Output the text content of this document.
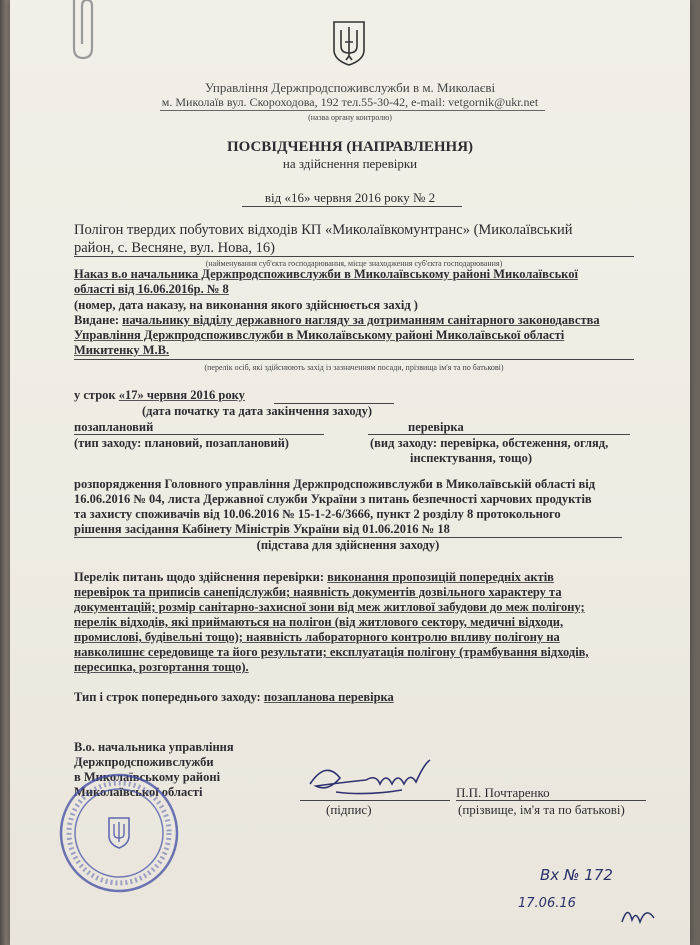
Управління Держпродспоживслужби в м. Миколаєві
м. Миколаїв вул. Скороходова, 192 тел.55-30-42, e-mail: vetgornik@ukr.net
(назва органу контролю)
ПОСВІДЧЕННЯ (НАПРАВЛЕННЯ)
на здійснення перевірки
від «16» червня 2016 року № 2
Полігон твердих побутових відходів КП «Миколаївкомунтранс» (Миколаївський
район, с. Весняне, вул. Нова, 16)
(найменування суб'єкта господарювання, місце знаходження суб'єкта господарювання)
Наказ в.о начальника Держпродспоживслужби в Миколаївському районі Миколаївської
області від 16.06.2016р. № 8
(номер, дата наказу, на виконання якого здійснюється захід )
Видане: начальнику відділу державного нагляду за дотриманням санітарного законодавства
Управління Держпродспоживслужби в Миколаївському районі Миколаївської області
Микитенку М.В.
(перелік осіб, які здійснюють захід із зазначенням посади, прізвища ім'я та по батькові)
у строк «17» червня 2016 року
(дата початку та дата закінчення заходу)
позаплановий
(тип заходу: плановий, позаплановий)
перевірка
(вид заходу: перевірка, обстеження, огляд,
інспектування, тощо)
розпорядження Головного управління Держпродспоживслужби в Миколаївській області від
16.06.2016 № 04, листа Державної служби України з питань безпечності харчових продуктів
та захисту споживачів від 10.06.2016 № 15-1-2-6/3666, пункт 2 розділу 8 протокольного
рішення засідання Кабінету Міністрів України від 01.06.2016 № 18
(підстава для здійснення заходу)
Перелік питань щодо здійснення перевірки: виконання пропозицій попередніх актів
перевірок та приписів санепідслужби; наявність документів дозвільного характеру та
документацій; розмір санітарно-захисної зони від меж житлової забудови до меж полігону;
перелік відходів, які приймаються на полігон (від житлового сектору, медичні відходи,
промислові, будівельні тощо); наявність лабораторного контролю впливу полігону на
навколишнє середовище та його результати; експлуатація полігону (трамбування відходів,
пересипка, розгортання тощо).
Тип і строк попереднього заходу: позапланова перевірка
В.о. начальника управління
Держпродспоживслужби
в Миколаївському районі
Миколаївської області
(підпис)
П.П. Почтаренко
(прізвище, ім'я та по батькові)
Вх № 172
17.06.16
